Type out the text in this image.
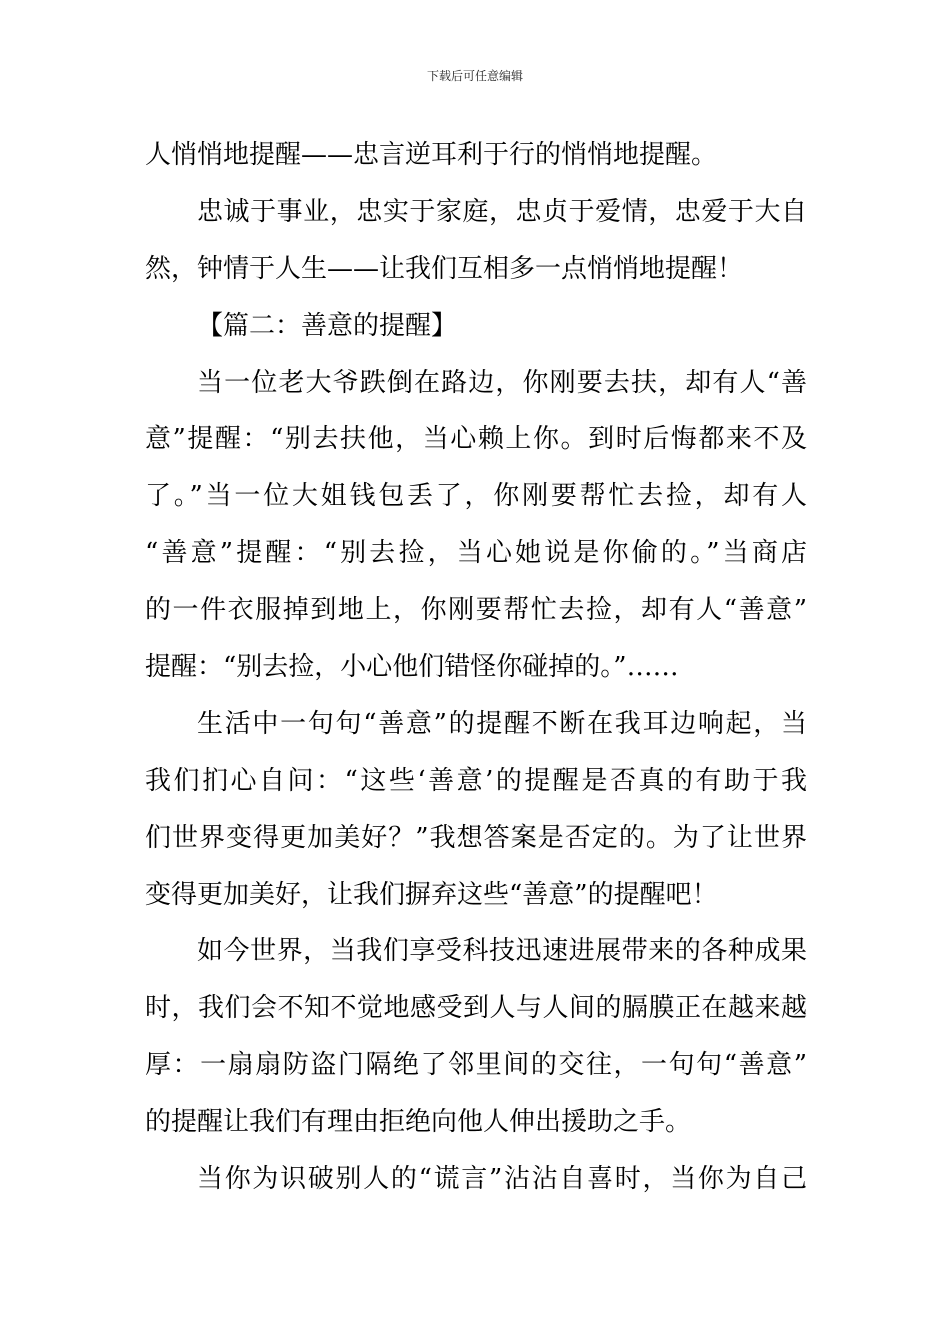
下载后可任意编辑
人悄悄地提醒——忠言逆耳利于行的悄悄地提醒。
忠诚于事业，忠实于家庭，忠贞于爱情，忠爱于大自
然，钟情于人生——让我们互相多一点悄悄地提醒！
【篇二：善意的提醒】
当一位老大爷跌倒在路边，你刚要去扶，却有人“善
意”提醒：“别去扶他，当心赖上你。到时后悔都来不及
了。”当一位大姐钱包丢了，你刚要帮忙去捡，却有人
“善意”提醒：“别去捡，当心她说是你偷的。”当商店
的一件衣服掉到地上，你刚要帮忙去捡，却有人“善意”
提醒：“别去捡，小心他们错怪你碰掉的。”……
生活中一句句“善意”的提醒不断在我耳边响起，当
我们扪心自问：“这些‘善意’的提醒是否真的有助于我
们世界变得更加美好？”我想答案是否定的。为了让世界
变得更加美好，让我们摒弃这些“善意”的提醒吧！
如今世界，当我们享受科技迅速进展带来的各种成果
时，我们会不知不觉地感受到人与人间的膈膜正在越来越
厚：一扇扇防盗门隔绝了邻里间的交往，一句句“善意”
的提醒让我们有理由拒绝向他人伸出援助之手。
当你为识破别人的“谎言”沾沾自喜时，当你为自己
